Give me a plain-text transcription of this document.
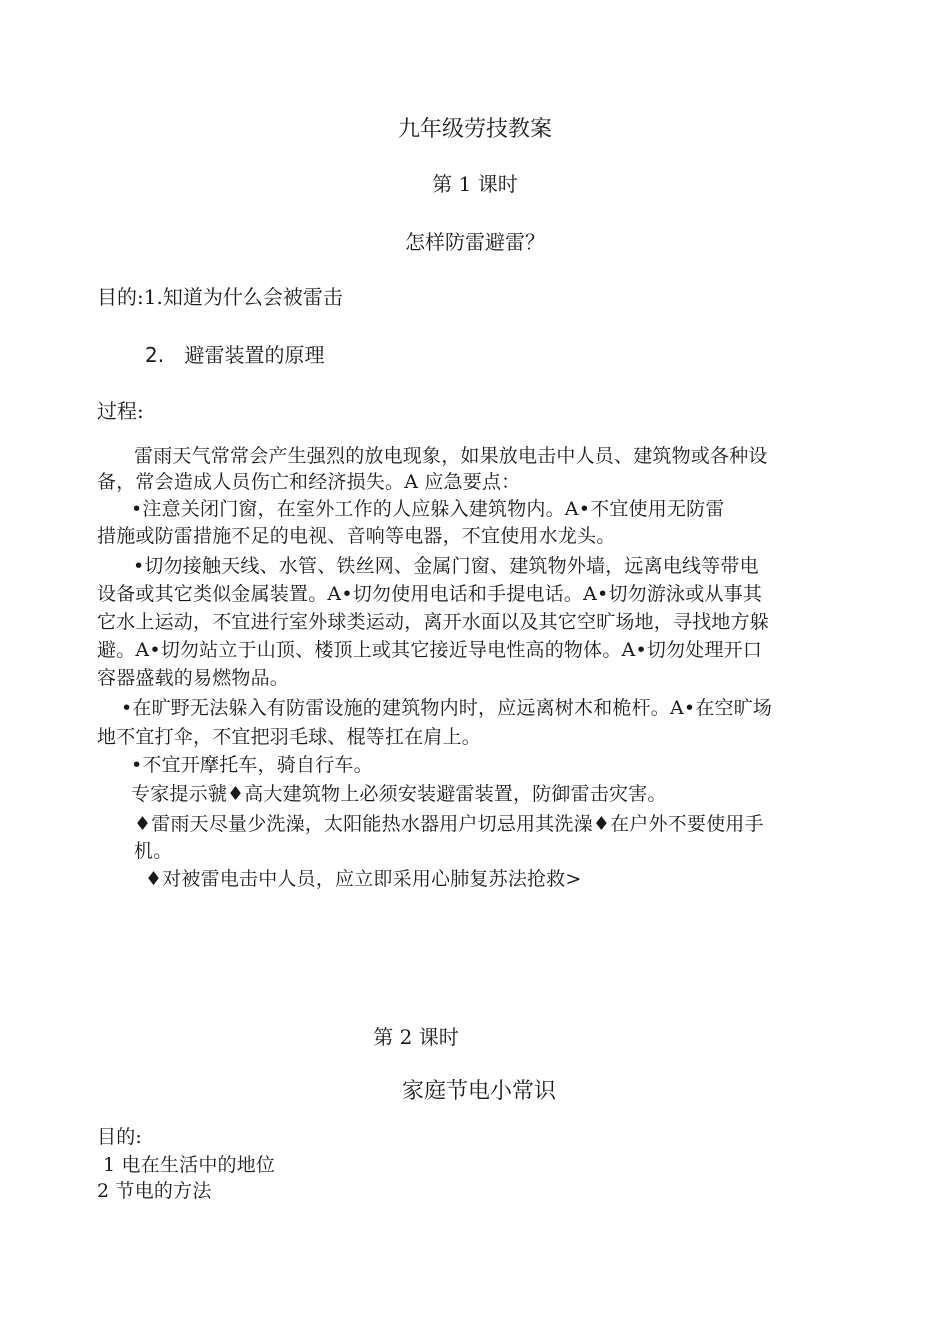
九年级劳技教案
第 1 课时
怎样防雷避雷？
目的:1.知道为什么会被雷击
2. 避雷装置的原理
过程:
雷雨天气常常会产生强烈的放电现象，如果放电击中人员、建筑物或各种设
备，常会造成人员伤亡和经济损失。A 应急要点：
•注意关闭门窗，在室外工作的人应躲入建筑物内。A•不宜使用无防雷
措施或防雷措施不足的电视、音响等电器，不宜使用水龙头。
•切勿接触天线、水管、铁丝网、金属门窗、建筑物外墙，远离电线等带电
设备或其它类似金属装置。A•切勿使用电话和手提电话。A•切勿游泳或从事其
它水上运动，不宜进行室外球类运动，离开水面以及其它空旷场地，寻找地方躲
避。A•切勿站立于山顶、楼顶上或其它接近导电性高的物体。A•切勿处理开口
容器盛载的易燃物品。
•在旷野无法躲入有防雷设施的建筑物内时，应远离树木和桅杆。A•在空旷场
地不宜打伞，不宜把羽毛球、棍等扛在肩上。
•不宜开摩托车，骑自行车。
专家提示虢♦高大建筑物上必须安装避雷装置，防御雷击灾害。
♦雷雨天尽量少洗澡，太阳能热水器用户切忌用其洗澡♦在户外不要使用手
机。
♦对被雷电击中人员，应立即采用心肺复苏法抢救>
第 2 课时
家庭节电小常识
目的:
1 电在生活中的地位
2 节电的方法
